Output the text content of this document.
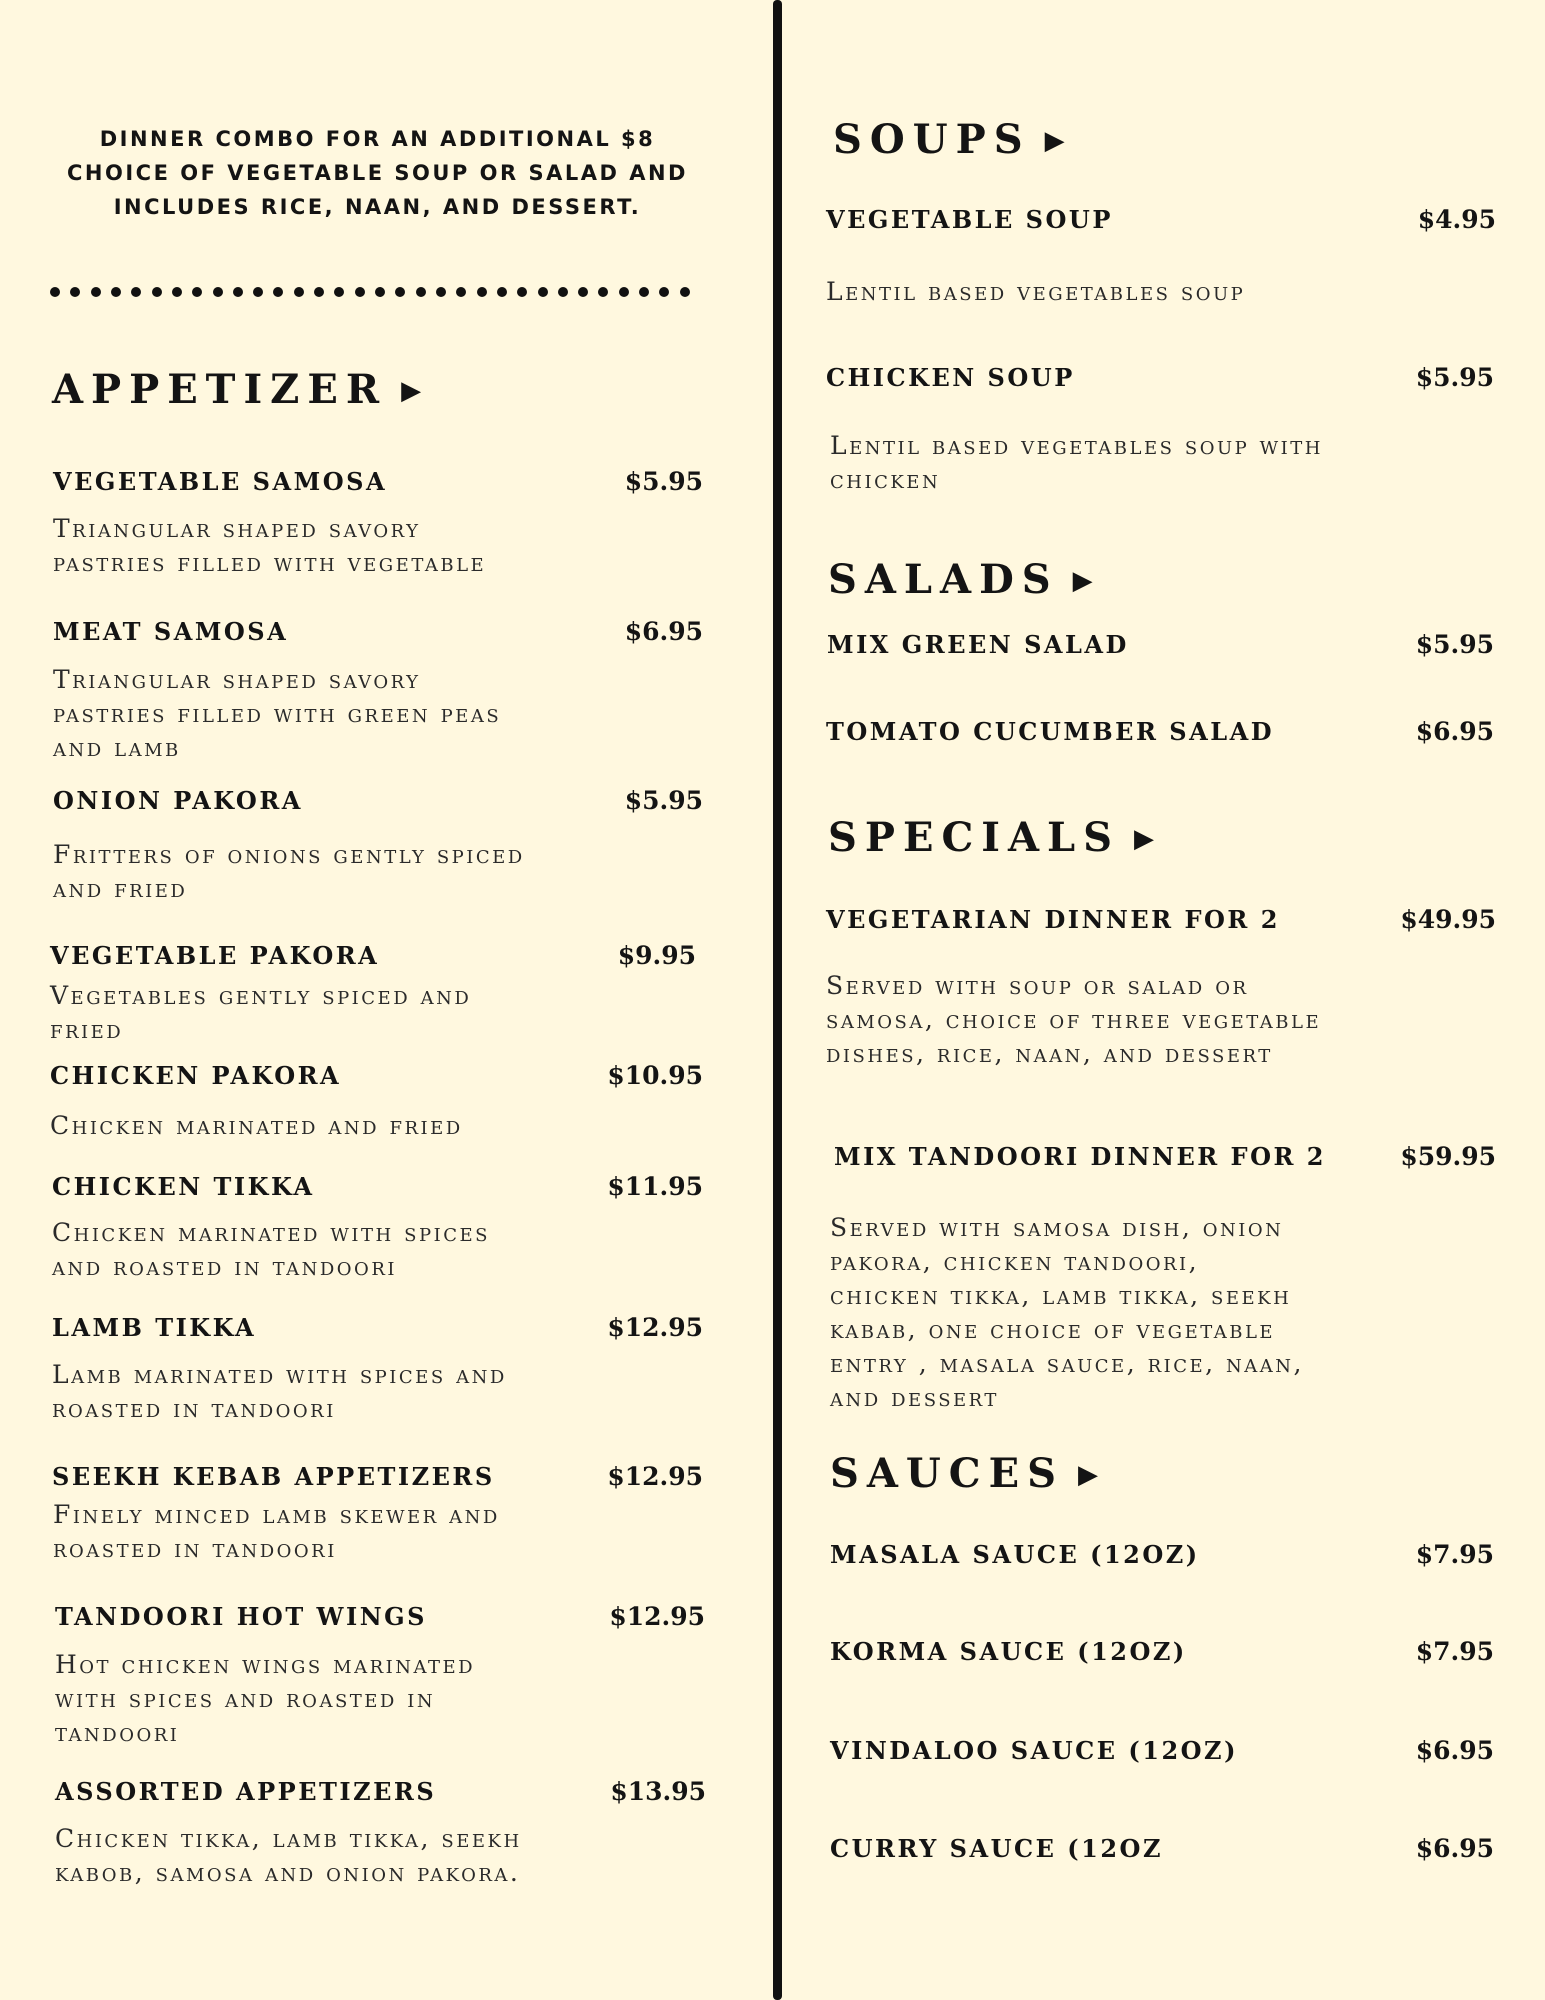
DINNER COMBO FOR AN ADDITIONAL $8
CHOICE OF VEGETABLE SOUP OR SALAD AND
INCLUDES RICE, NAAN, AND DESSERT.
APPETIZER ▶
VEGETABLE SAMOSA	$5.95
Triangular shaped savory
pastries filled with vegetable
MEAT SAMOSA	$6.95
Triangular shaped savory
pastries filled with green peas
and lamb
ONION PAKORA	$5.95
Fritters of onions gently spiced
and fried
VEGETABLE PAKORA	$9.95
Vegetables gently spiced and
fried
CHICKEN PAKORA	$10.95
Chicken marinated and fried
CHICKEN TIKKA	$11.95
Chicken marinated with spices
and roasted in tandoori
LAMB TIKKA	$12.95
Lamb marinated with spices and
roasted in tandoori
SEEKH KEBAB APPETIZERS	$12.95
Finely minced lamb skewer and
roasted in tandoori
TANDOORI HOT WINGS	$12.95
Hot chicken wings marinated
with spices and roasted in
tandoori
ASSORTED APPETIZERS	$13.95
Chicken tikka, lamb tikka, seekh
kabob, samosa and onion pakora.
SOUPS ▶
VEGETABLE SOUP	$4.95
Lentil based vegetables soup
CHICKEN SOUP	$5.95
Lentil based vegetables soup with
chicken
SALADS ▶
MIX GREEN SALAD	$5.95
TOMATO CUCUMBER SALAD	$6.95
SPECIALS ▶
VEGETARIAN DINNER FOR 2	$49.95
Served with soup or salad or
samosa, choice of three vegetable
dishes, rice, naan, and dessert
MIX TANDOORI DINNER FOR 2	$59.95
Served with samosa dish, onion
pakora, chicken tandoori,
chicken tikka, lamb tikka, seekh
kabab, one choice of vegetable
entry , masala sauce, rice, naan,
and dessert
SAUCES ▶
MASALA SAUCE (12OZ)	$7.95
KORMA SAUCE (12OZ)	$7.95
VINDALOO SAUCE (12OZ)	$6.95
CURRY SAUCE (12OZ	$6.95
